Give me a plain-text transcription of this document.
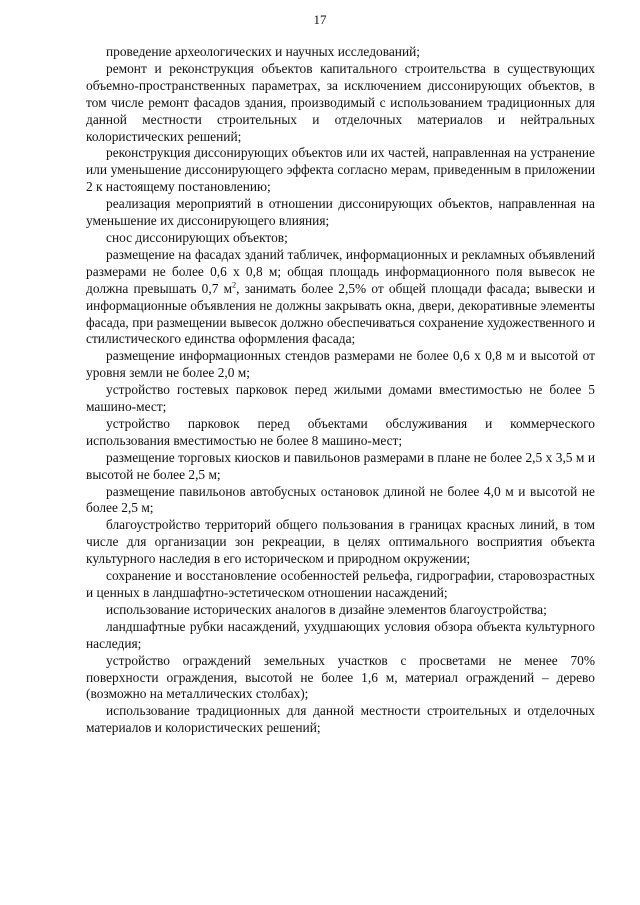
17

проведение археологических и научных исследований;

ремонт и реконструкция объектов капитального строительства в существующих объемно-пространственных параметрах, за исключением диссонирующих объектов, в том числе ремонт фасадов здания, производимый с использованием традиционных для данной местности строительных и отделочных материалов и нейтральных колористических решений;

реконструкция диссонирующих объектов или их частей, направленная на устранение или уменьшение диссонирующего эффекта согласно мерам, приведенным в приложении 2 к настоящему постановлению;

реализация мероприятий в отношении диссонирующих объектов, направленная на уменьшение их диссонирующего влияния;

снос диссонирующих объектов;

размещение на фасадах зданий табличек, информационных и рекламных объявлений размерами не более 0,6 х 0,8 м; общая площадь информационного поля вывесок не должна превышать 0,7 $м^2$, занимать более 2,5% от общей площади фасада; вывески и информационные объявления не должны закрывать окна, двери, декоративные элементы фасада, при размещении вывесок должно обеспечиваться сохранение художественного и стилистического единства оформления фасада;

размещение информационных стендов размерами не более 0,6 х 0,8 м и высотой от уровня земли не более 2,0 м;

устройство гостевых парковок перед жилыми домами вместимостью не более 5 машино-мест;

устройство парковок перед объектами обслуживания и коммерческого использования вместимостью не более 8 машино-мест;

размещение торговых киосков и павильонов размерами в плане не более 2,5 х 3,5 м и высотой не более 2,5 м;

размещение павильонов автобусных остановок длиной не более 4,0 м и высотой не более 2,5 м;

благоустройство территорий общего пользования в границах красных линий, в том числе для организации зон рекреации, в целях оптимального восприятия объекта культурного наследия в его историческом и природном окружении;

сохранение и восстановление особенностей рельефа, гидрографии, старовозрастных и ценных в ландшафтно-эстетическом отношении насаждений;

использование исторических аналогов в дизайне элементов благоустройства;

ландшафтные рубки насаждений, ухудшающих условия обзора объекта культурного наследия;

устройство ограждений земельных участков с просветами не менее 70% поверхности ограждения, высотой не более 1,6 м, материал ограждений – дерево (возможно на металлических столбах);

использование традиционных для данной местности строительных и отделочных материалов и колористических решений;
